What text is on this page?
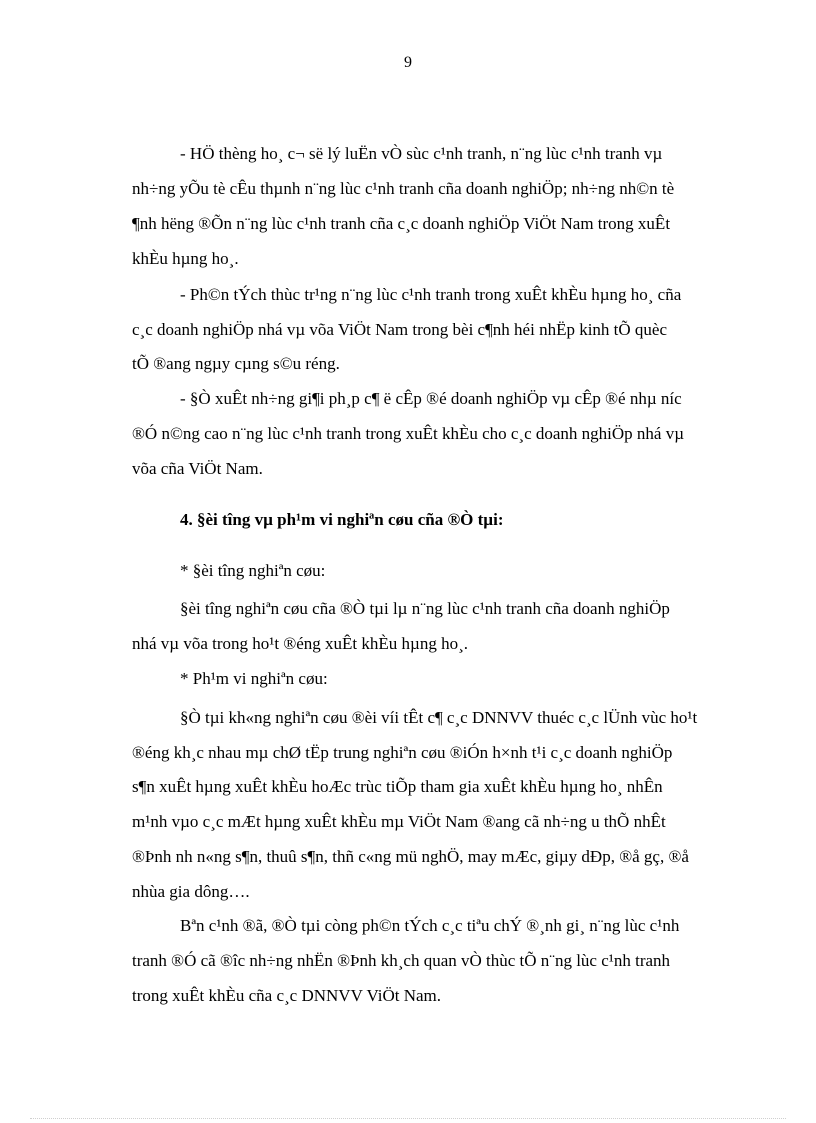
9
- HÖ thèng ho¸ c¬ së lý luËn vÒ sùc c¹nh tranh, n¨ng lùc c¹nh tranh vµ
nh÷ng yÕu tè cÊu thµnh n¨ng lùc c¹nh tranh cña doanh nghiÖp; nh÷ng nh©n tè
¶nh hëng ®Õn n¨ng lùc c¹nh tranh cña c¸c doanh nghiÖp ViÖt Nam trong xuÊt
khÈu hµng ho¸.
- Ph©n tÝch thùc tr¹ng n¨ng lùc c¹nh tranh trong xuÊt khÈu hµng ho¸ cña
c¸c doanh nghiÖp nhá vµ võa ViÖt Nam trong bèi c¶nh héi nhËp kinh tÕ quèc
tÕ ®ang ngµy cµng s©u réng.
- §Ò xuÊt nh÷ng gi¶i ph¸p c¶ ë cÊp ®é doanh nghiÖp vµ cÊp ®é nhµ níc
®Ó n©ng cao n¨ng lùc c¹nh tranh trong xuÊt khÈu cho c¸c doanh nghiÖp nhá vµ
võa cña ViÖt Nam.
4. §èi tîng vµ ph¹m vi nghiªn cøu cña ®Ò tµi:
* §èi tîng nghiªn cøu:
§èi tîng nghiªn cøu cña ®Ò tµi lµ n¨ng lùc c¹nh tranh cña doanh nghiÖp
nhá vµ võa trong ho¹t ®éng xuÊt khÈu hµng ho¸.
* Ph¹m vi nghiªn cøu:
§Ò tµi kh«ng nghiªn cøu ®èi víi tÊt c¶ c¸c DNNVV thuéc c¸c lÜnh vùc ho¹t
®éng kh¸c nhau mµ chØ tËp trung nghiªn cøu ®iÓn h×nh t¹i c¸c doanh nghiÖp
s¶n xuÊt hµng xuÊt khÈu hoÆc trùc tiÕp tham gia xuÊt khÈu hµng ho¸ nhÊn
m¹nh vµo c¸c mÆt hµng xuÊt khÈu mµ ViÖt Nam ®ang cã nh÷ng u thÕ nhÊt
®Þnh nh n«ng s¶n, thuû s¶n, thñ c«ng mü nghÖ, may mÆc, giµy dÐp, ®å gç, ®å
nhùa gia dông….
Bªn c¹nh ®ã, ®Ò tµi còng ph©n tÝch c¸c tiªu chÝ ®¸nh gi¸ n¨ng lùc c¹nh
tranh ®Ó cã ®îc nh÷ng nhËn ®Þnh kh¸ch quan vÒ thùc tÕ n¨ng lùc c¹nh tranh
trong xuÊt khÈu cña c¸c DNNVV ViÖt Nam.
